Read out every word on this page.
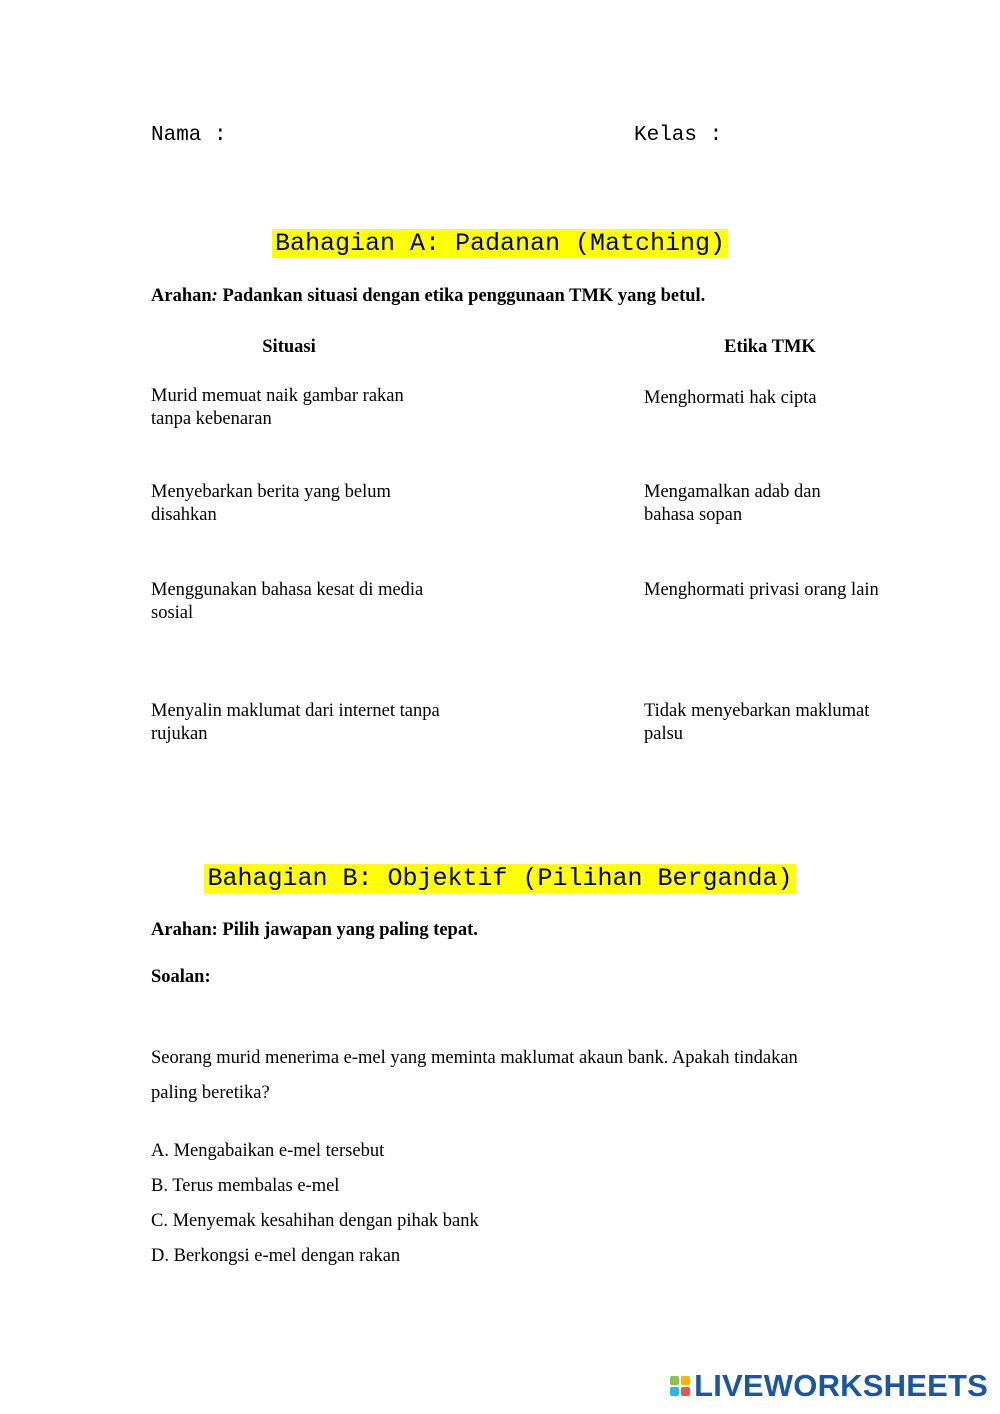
Nama :	Kelas :
Bahagian A: Padanan (Matching)
Arahan: Padankan situasi dengan etika penggunaan TMK yang betul.
Situasi	Etika TMK
Murid memuat naik gambar rakan tanpa kebenaran
Menyebarkan berita yang belum disahkan
Menggunakan bahasa kesat di media sosial
Menyalin maklumat dari internet tanpa rujukan
Menghormati hak cipta
Mengamalkan adab dan bahasa sopan
Menghormati privasi orang lain
Tidak menyebarkan maklumat palsu
Bahagian B: Objektif (Pilihan Berganda)
Arahan: Pilih jawapan yang paling tepat.
Soalan:
Seorang murid menerima e-mel yang meminta maklumat akaun bank. Apakah tindakan paling beretika?
A. Mengabaikan e-mel tersebut
B. Terus membalas e-mel
C. Menyemak kesahihan dengan pihak bank
D. Berkongsi e-mel dengan rakan
LIVEWORKSHEETS
